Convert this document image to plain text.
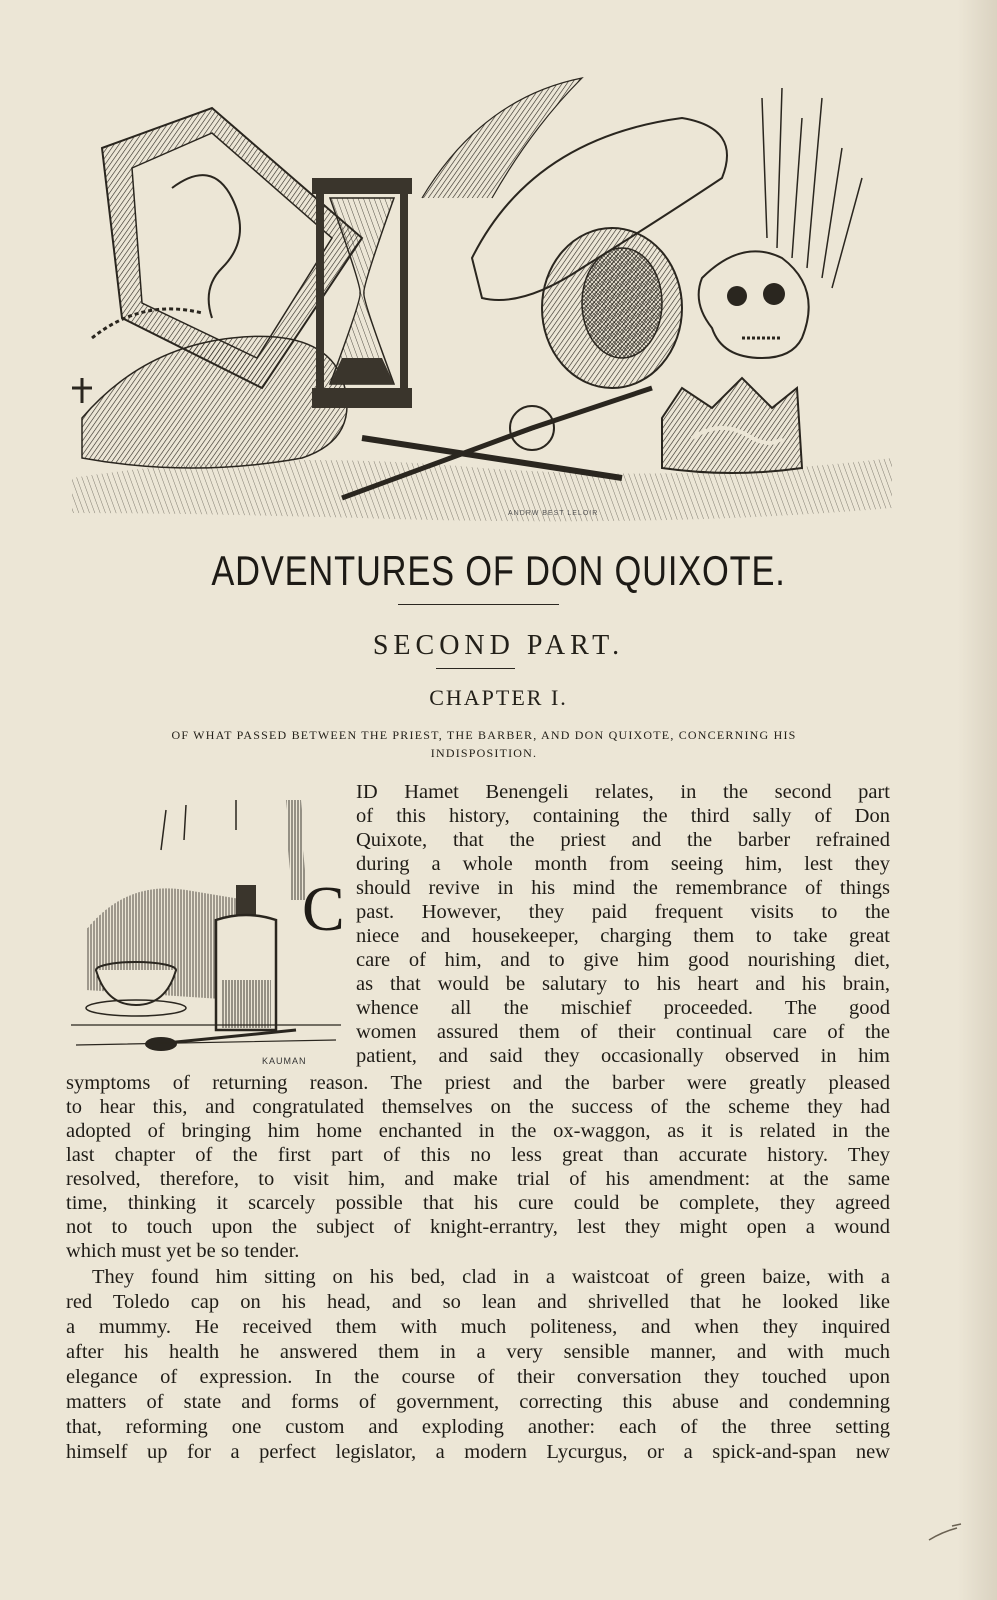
ANDRW BEST LELOIR
ADVENTURES OF DON QUIXOTE.
SECOND PART.
CHAPTER I.
OF WHAT PASSED BETWEEN THE PRIEST, THE BARBER, AND DON QUIXOTE, CONCERNING HIS
INDISPOSITION.
C
KAUMAN
ID Hamet Benengeli relates, in the second part
of this history, containing the third sally of Don
Quixote, that the priest and the barber refrained
during a whole month from seeing him, lest they
should revive in his mind the remembrance of things
past. However, they paid frequent visits to the
niece and housekeeper, charging them to take great
care of him, and to give him good nourishing diet,
as that would be salutary to his heart and his brain,
whence all the mischief proceeded. The good
women assured them of their continual care of the
patient, and said they occasionally observed in him
symptoms of returning reason. The priest and the barber were greatly pleased
to hear this, and congratulated themselves on the success of the scheme they had
adopted of bringing him home enchanted in the ox-waggon, as it is related in the
last chapter of the first part of this no less great than accurate history. They
resolved, therefore, to visit him, and make trial of his amendment: at the same
time, thinking it scarcely possible that his cure could be complete, they agreed
not to touch upon the subject of knight-errantry, lest they might open a wound
which must yet be so tender.
They found him sitting on his bed, clad in a waistcoat of green baize, with a
red Toledo cap on his head, and so lean and shrivelled that he looked like
a mummy. He received them with much politeness, and when they inquired
after his health he answered them in a very sensible manner, and with much
elegance of expression. In the course of their conversation they touched upon
matters of state and forms of government, correcting this abuse and condemning
that, reforming one custom and exploding another: each of the three setting
himself up for a perfect legislator, a modern Lycurgus, or a spick-and-span new
